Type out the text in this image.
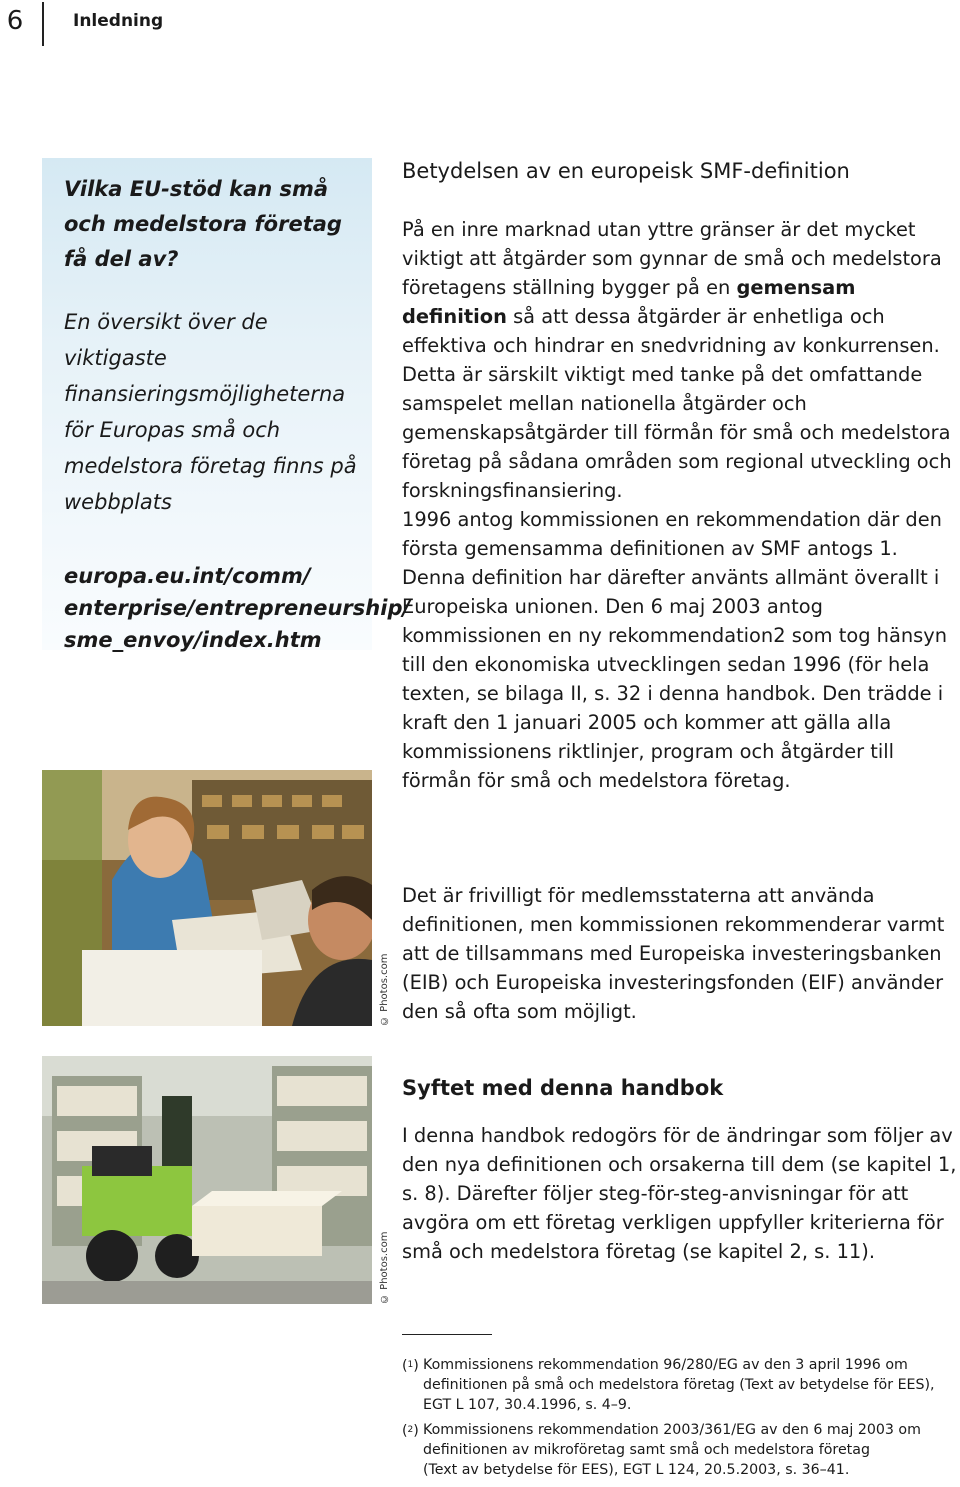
6	Inledning
Vilka EU-stöd kan små och medelstora företag få del av?
En översikt över de viktigaste finansieringsmöjligheterna för Europas små och medelstora företag finns på webbplats
europa.eu.int/comm/ enterprise/entrepreneurship/ sme_envoy/index.htm
© Photos.com
© Photos.com
Betydelsen av en europeisk SMF-definition
På en inre marknad utan yttre gränser är det mycket viktigt att åtgärder som gynnar de små och medelstora företagens ställning bygger på en gemensam definition så att dessa åtgärder är enhetliga och effektiva och hindrar en snedvridning av konkurrensen. Detta är särskilt viktigt med tanke på det omfattande samspelet mellan nationella åtgärder och gemenskapsåtgärder till förmån för små och medelstora företag på sådana områden som regional utveckling och forskningsfinansiering.
1996 antog kommissionen en rekommendation där den första gemensamma definitionen av SMF antogs 1.
Denna definition har därefter använts allmänt överallt i Europeiska unionen. Den 6 maj 2003 antog kommissionen en ny rekommendation2 som tog hänsyn till den ekonomiska utvecklingen sedan 1996 (för hela texten, se bilaga II, s. 32 i denna handbok. Den trädde i kraft den 1 januari 2005 och kommer att gälla alla kommissionens riktlinjer, program och åtgärder till förmån för små och medelstora företag.
Det är frivilligt för medlemsstaterna att använda definitionen, men kommissionen rekommenderar varmt att de tillsammans med Europeiska investeringsbanken (EIB) och Europeiska investeringsfonden (EIF) använder den så ofta som möjligt.
Syftet med denna handbok
I denna handbok redogörs för de ändringar som följer av den nya definitionen och orsakerna till dem (se kapitel 1, s. 8). Därefter följer steg-för-steg-anvisningar för att avgöra om ett företag verkligen uppfyller kriterierna för små och medelstora företag (se kapitel 2, s. 11).
($^1$) Kommissionens rekommendation 96/280/EG av den 3 april 1996 om definitionen på små och medelstora företag (Text av betydelse för EES), EGT L 107, 30.4.1996, s. 4–9.
($^2$) Kommissionens rekommendation 2003/361/EG av den 6 maj 2003 om definitionen av mikroföretag samt små och medelstora företag
(Text av betydelse för EES), EGT L 124, 20.5.2003, s. 36–41.
